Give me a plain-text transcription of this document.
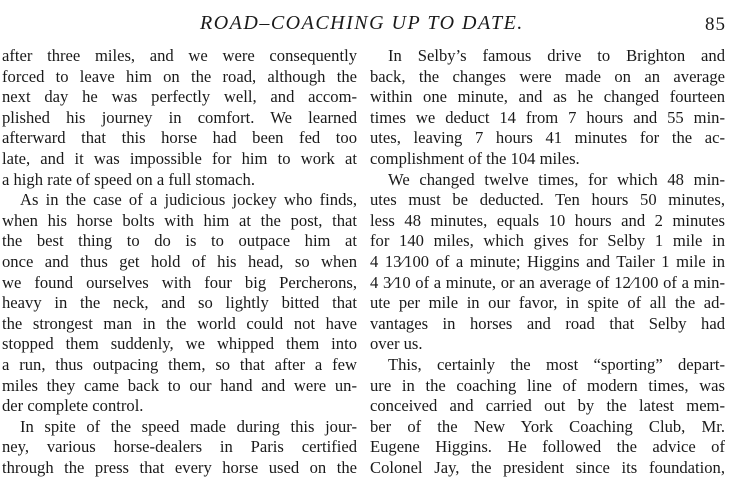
ROAD–COACHING UP TO DATE.	85
after three miles, and we were consequently
forced to leave him on the road, although the
next day he was perfectly well, and accom-
plished his journey in comfort. We learned
afterward that this horse had been fed too
late, and it was impossible for him to work at
a high rate of speed on a full stomach.
As in the case of a judicious jockey who finds,
when his horse bolts with him at the post, that
the best thing to do is to outpace him at
once and thus get hold of his head, so when
we found ourselves with four big Percherons,
heavy in the neck, and so lightly bitted that
the strongest man in the world could not have
stopped them suddenly, we whipped them into
a run, thus outpacing them, so that after a few
miles they came back to our hand and were un-
der complete control.
In spite of the speed made during this jour-
ney, various horse-dealers in Paris certified
through the press that every horse used on the
In Selby’s famous drive to Brighton and
back, the changes were made on an average
within one minute, and as he changed fourteen
times we deduct 14 from 7 hours and 55 min-
utes, leaving 7 hours 41 minutes for the ac-
complishment of the 104 miles.
We changed twelve times, for which 48 min-
utes must be deducted. Ten hours 50 minutes,
less 48 minutes, equals 10 hours and 2 minutes
for 140 miles, which gives for Selby 1 mile in
4 13⁄100 of a minute; Higgins and Tailer 1 mile in
4 3⁄10 of a minute, or an average of 12⁄100 of a min-
ute per mile in our favor, in spite of all the ad-
vantages in horses and road that Selby had
over us.
This, certainly the most “sporting” depart-
ure in the coaching line of modern times, was
conceived and carried out by the latest mem-
ber of the New York Coaching Club, Mr.
Eugene Higgins. He followed the advice of
Colonel Jay, the president since its foundation,
